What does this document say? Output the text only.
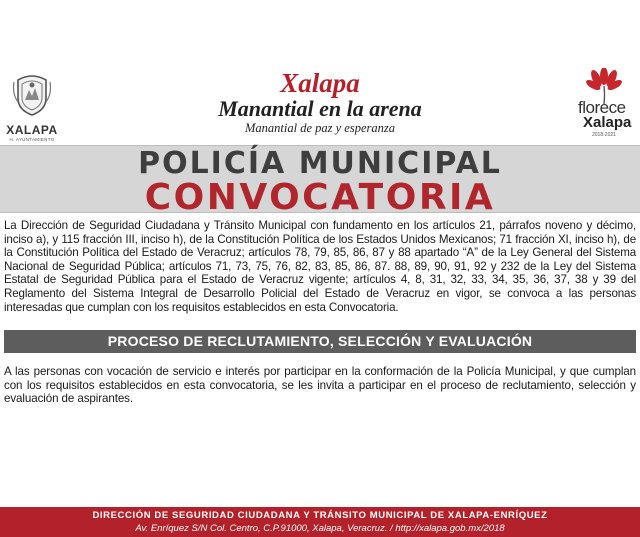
XALAPA
H. AYUNTAMIENTO
Xalapa
Manantial en la arena
Manantial de paz y esperanza
florece
Xalapa
2018-2021
POLICÍA MUNICIPAL
CONVOCATORIA

La Dirección de Seguridad Ciudadana y Tránsito Municipal con fundamento en los artículos 21, párrafos noveno y décimo, inciso a), y 115 fracción III, inciso h), de la Constitución Política de los Estados Unidos Mexicanos; 71 fracción XI, inciso h), de la Constitución Política del Estado de Veracruz; artículos 78, 79, 85, 86, 87 y 88 apartado “A” de la Ley General del Sistema Nacional de Seguridad Pública; artículos 71, 73, 75, 76, 82, 83, 85, 86, 87. 88, 89, 90, 91, 92 y 232 de la Ley del Sistema Estatal de Seguridad Pública para el Estado de Veracruz vigente; artículos 4, 8, 31, 32, 33, 34, 35, 36, 37, 38 y 39 del Reglamento del Sistema Integral de Desarrollo Policial del Estado de Veracruz en vigor, se convoca a las personas interesadas que cumplan con los requisitos establecidos en esta Convocatoria.

PROCESO DE RECLUTAMIENTO, SELECCIÓN Y EVALUACIÓN

A las personas con vocación de servicio e interés por participar en la conformación de la Policía Municipal, y que cumplan con los requisitos establecidos en esta convocatoria, se les invita a participar en el proceso de reclutamiento, selección y evaluación de aspirantes.

DIRECCIÓN DE SEGURIDAD CIUDADANA Y TRÁNSITO MUNICIPAL DE XALAPA-ENRÍQUEZ
Av. Enríquez S/N Col. Centro, C.P.91000, Xalapa, Veracruz. / http://xalapa.gob.mx/2018
